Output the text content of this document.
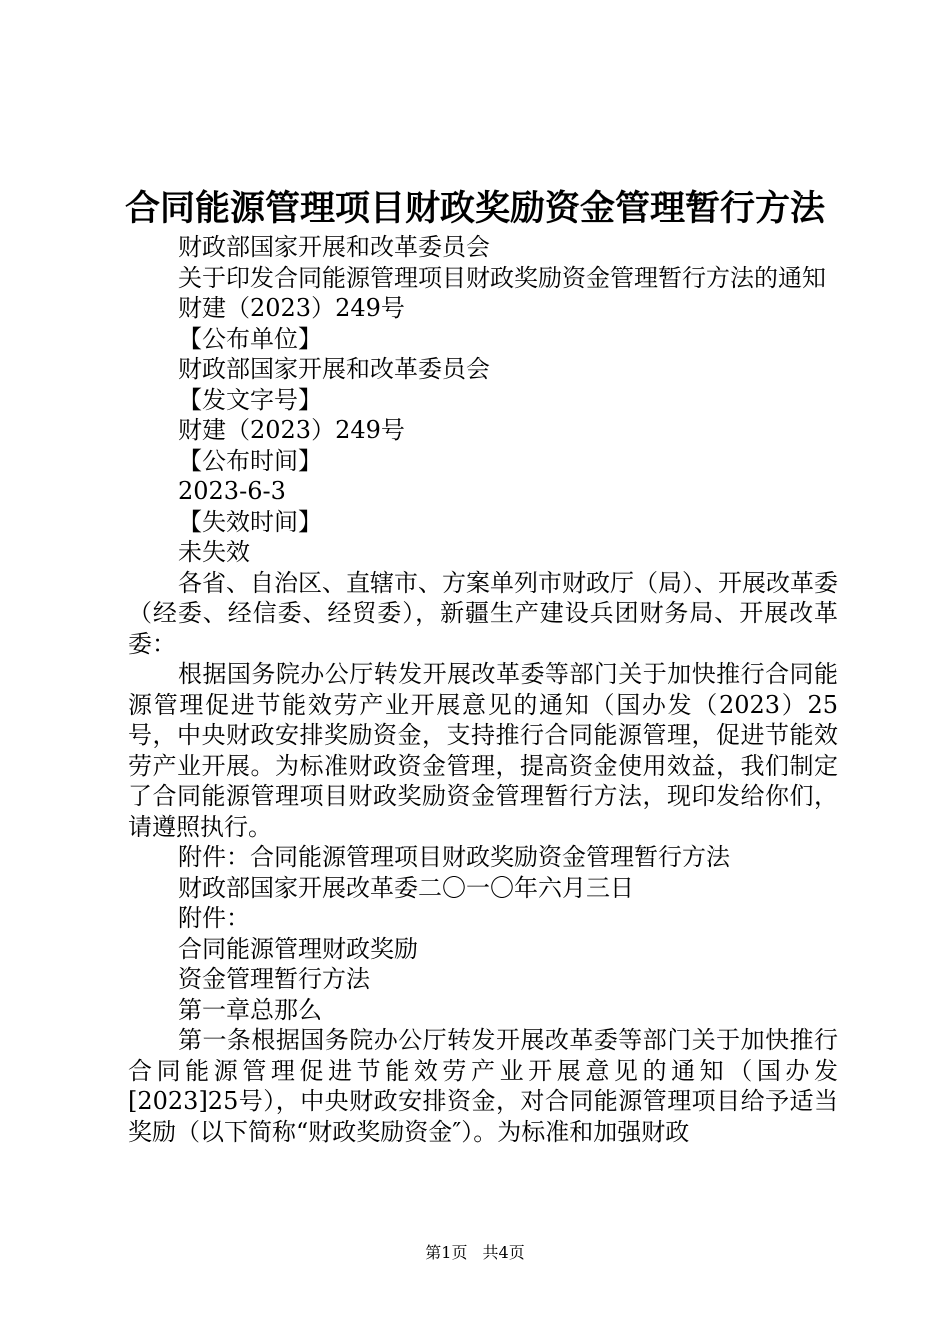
合同能源管理项目财政奖励资金管理暂行方法

财政部国家开展和改革委员会

关于印发合同能源管理项目财政奖励资金管理暂行方法的通知

财建（2023）249号

【公布单位】

财政部国家开展和改革委员会

【发文字号】

财建（2023）249号

【公布时间】

2023-6-3

【失效时间】

未失效

各省、自治区、直辖市、方案单列市财政厅（局）、开展改革委（经委、经信委、经贸委），新疆生产建设兵团财务局、开展改革委：

根据国务院办公厅转发开展改革委等部门关于加快推行合同能源管理促进节能效劳产业开展意见的通知（国办发（2023）25号，中央财政安排奖励资金，支持推行合同能源管理，促进节能效劳产业开展。为标准财政资金管理，提高资金使用效益，我们制定了合同能源管理项目财政奖励资金管理暂行方法，现印发给你们，请遵照执行。

附件：合同能源管理项目财政奖励资金管理暂行方法

财政部国家开展改革委二〇一〇年六月三日

附件：

合同能源管理财政奖励

资金管理暂行方法

第一章总那么

第一条根据国务院办公厅转发开展改革委等部门关于加快推行合同能源管理促进节能效劳产业开展意见的通知（国办发[2023]25号），中央财政安排资金，对合同能源管理项目给予适当奖励（以下简称“财政奖励资金″）。为标准和加强财政

第1页 共4页
